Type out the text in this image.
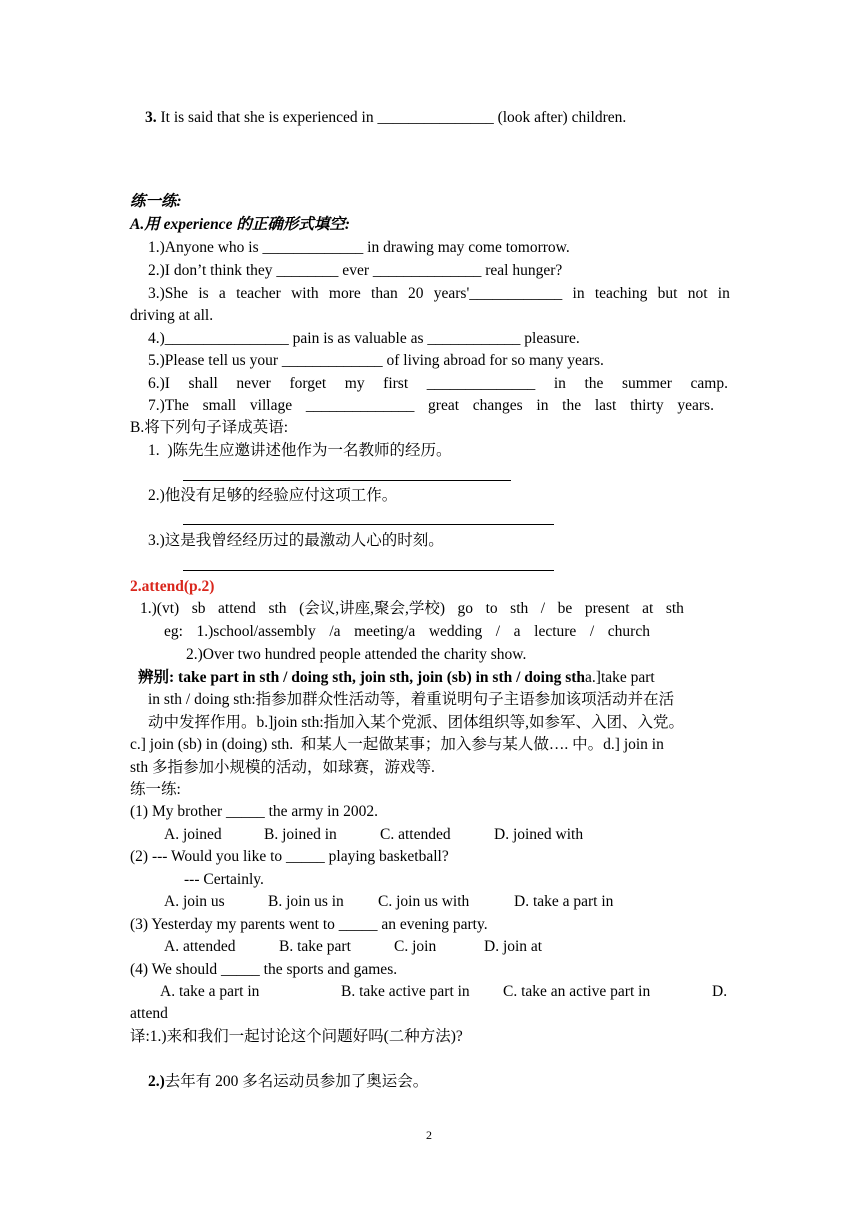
3. It is said that she is experienced in _______________ (look after) children.
练一练:
A.用 experience 的正确形式填空:
1.)Anyone who is _____________ in drawing may come tomorrow.
2.)I don’t think they ________ ever ______________ real hunger?
3.)She is a teacher with more than 20 years'____________ in teaching but not in
driving at all.
4.)________________ pain is as valuable as ____________ pleasure.
5.)Please tell us your _____________ of living abroad for so many years.
6.)I shall never forget my first ______________ in the summer camp.
7.)The small village ______________ great changes in the last thirty years.
B.将下列句子译成英语:
1.  )陈先生应邀讲述他作为一名教师的经历。
2.)他没有足够的经验应付这项工作。
3.)这是我曾经经历过的最激动人心的时刻。
2.attend(p.2)
1.)(vt) sb attend sth (会议,讲座,聚会,学校) go to sth / be present at sth
eg: 1.)school/assembly /a meeting/a wedding / a lecture / church
2.)Over two hundred people attended the charity show.
辨别: take part in sth / doing sth, join sth, join (sb) in sth / doing stha.]take part
in sth / doing sth:指参加群众性活动等，着重说明句子主语参加该项活动并在活
动中发挥作用。b.]join sth:指加入某个党派、团体组织等,如参军、入团、入党。
c.] join (sb) in (doing) sth.  和某人一起做某事；加入参与某人做…. 中。d.] join in
sth 多指参加小规模的活动，如球赛，游戏等.
练一练:
(1) My brother _____ the army in 2002.
A. joined	B. joined in	C. attended	D. joined with
(2) --- Would you like to _____ playing basketball?
--- Certainly.
A. join us	B. join us in C. join us with	D. take a part in
(3) Yesterday my parents went to _____ an evening party.
A. attended	B. take part	C. join	D. join at
(4) We should _____ the sports and games.
A. take a part in	B. take active part in C. take an active part in	D.
attend
译:1.)来和我们一起讨论这个问题好吗(二种方法)?
2.)去年有 200 多名运动员参加了奥运会。
2
